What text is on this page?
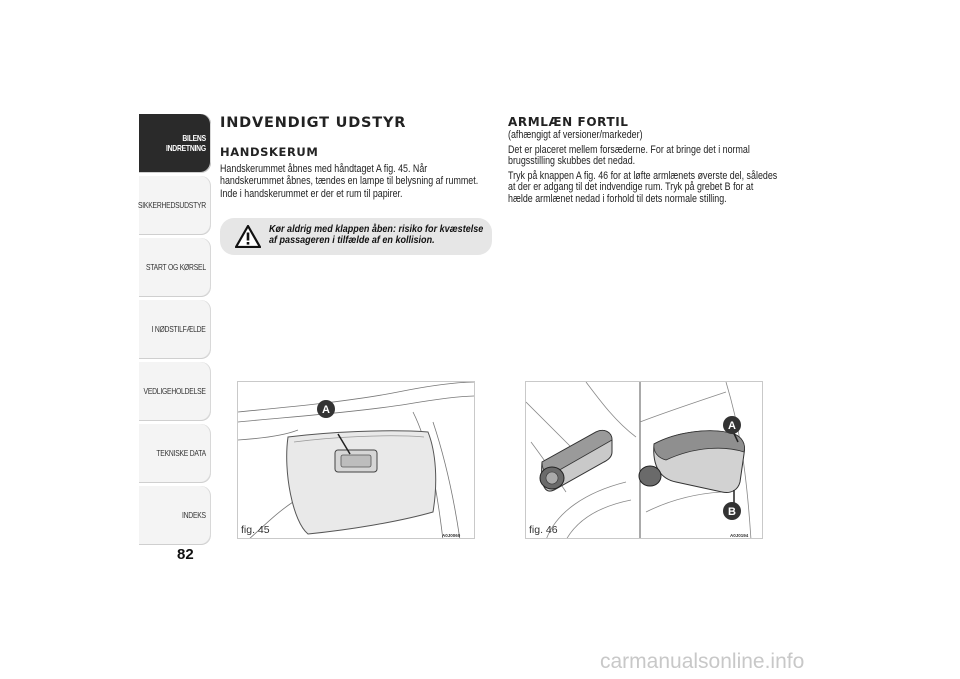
BILENS
INDRETNING
SIKKERHEDSUDSTYR
START OG KØRSEL
I NØDSTILFÆLDE
VEDLIGEHOLDELSE
TEKNISKE DATA
INDEKS
82
INDVENDIGT UDSTYR
HANDSKERUM

Handskerummet åbnes med håndtaget A fig. 45. Når handskerummet åbnes, tændes en lampe til belysning af rummet.

Inde i handskerummet er der et rum til papirer.

Kør aldrig med klappen åben: risiko for kvæstelse af passageren i tilfælde af en kollision.
ARMLÆN FORTIL

(afhængigt af versioner/markeder)

Det er placeret mellem forsæderne. For at bringe det i normal brugsstilling skubbes det nedad.

Tryk på knappen A fig. 46 for at løfte armlænets øverste del, således at der er adgang til det indvendige rum. Tryk på grebet B for at hælde armlænet nedad i forhold til dets normale stilling.

A
fig. 45	A0J0060
A
B
fig. 46	A0J0194
carmanualsonline.info
